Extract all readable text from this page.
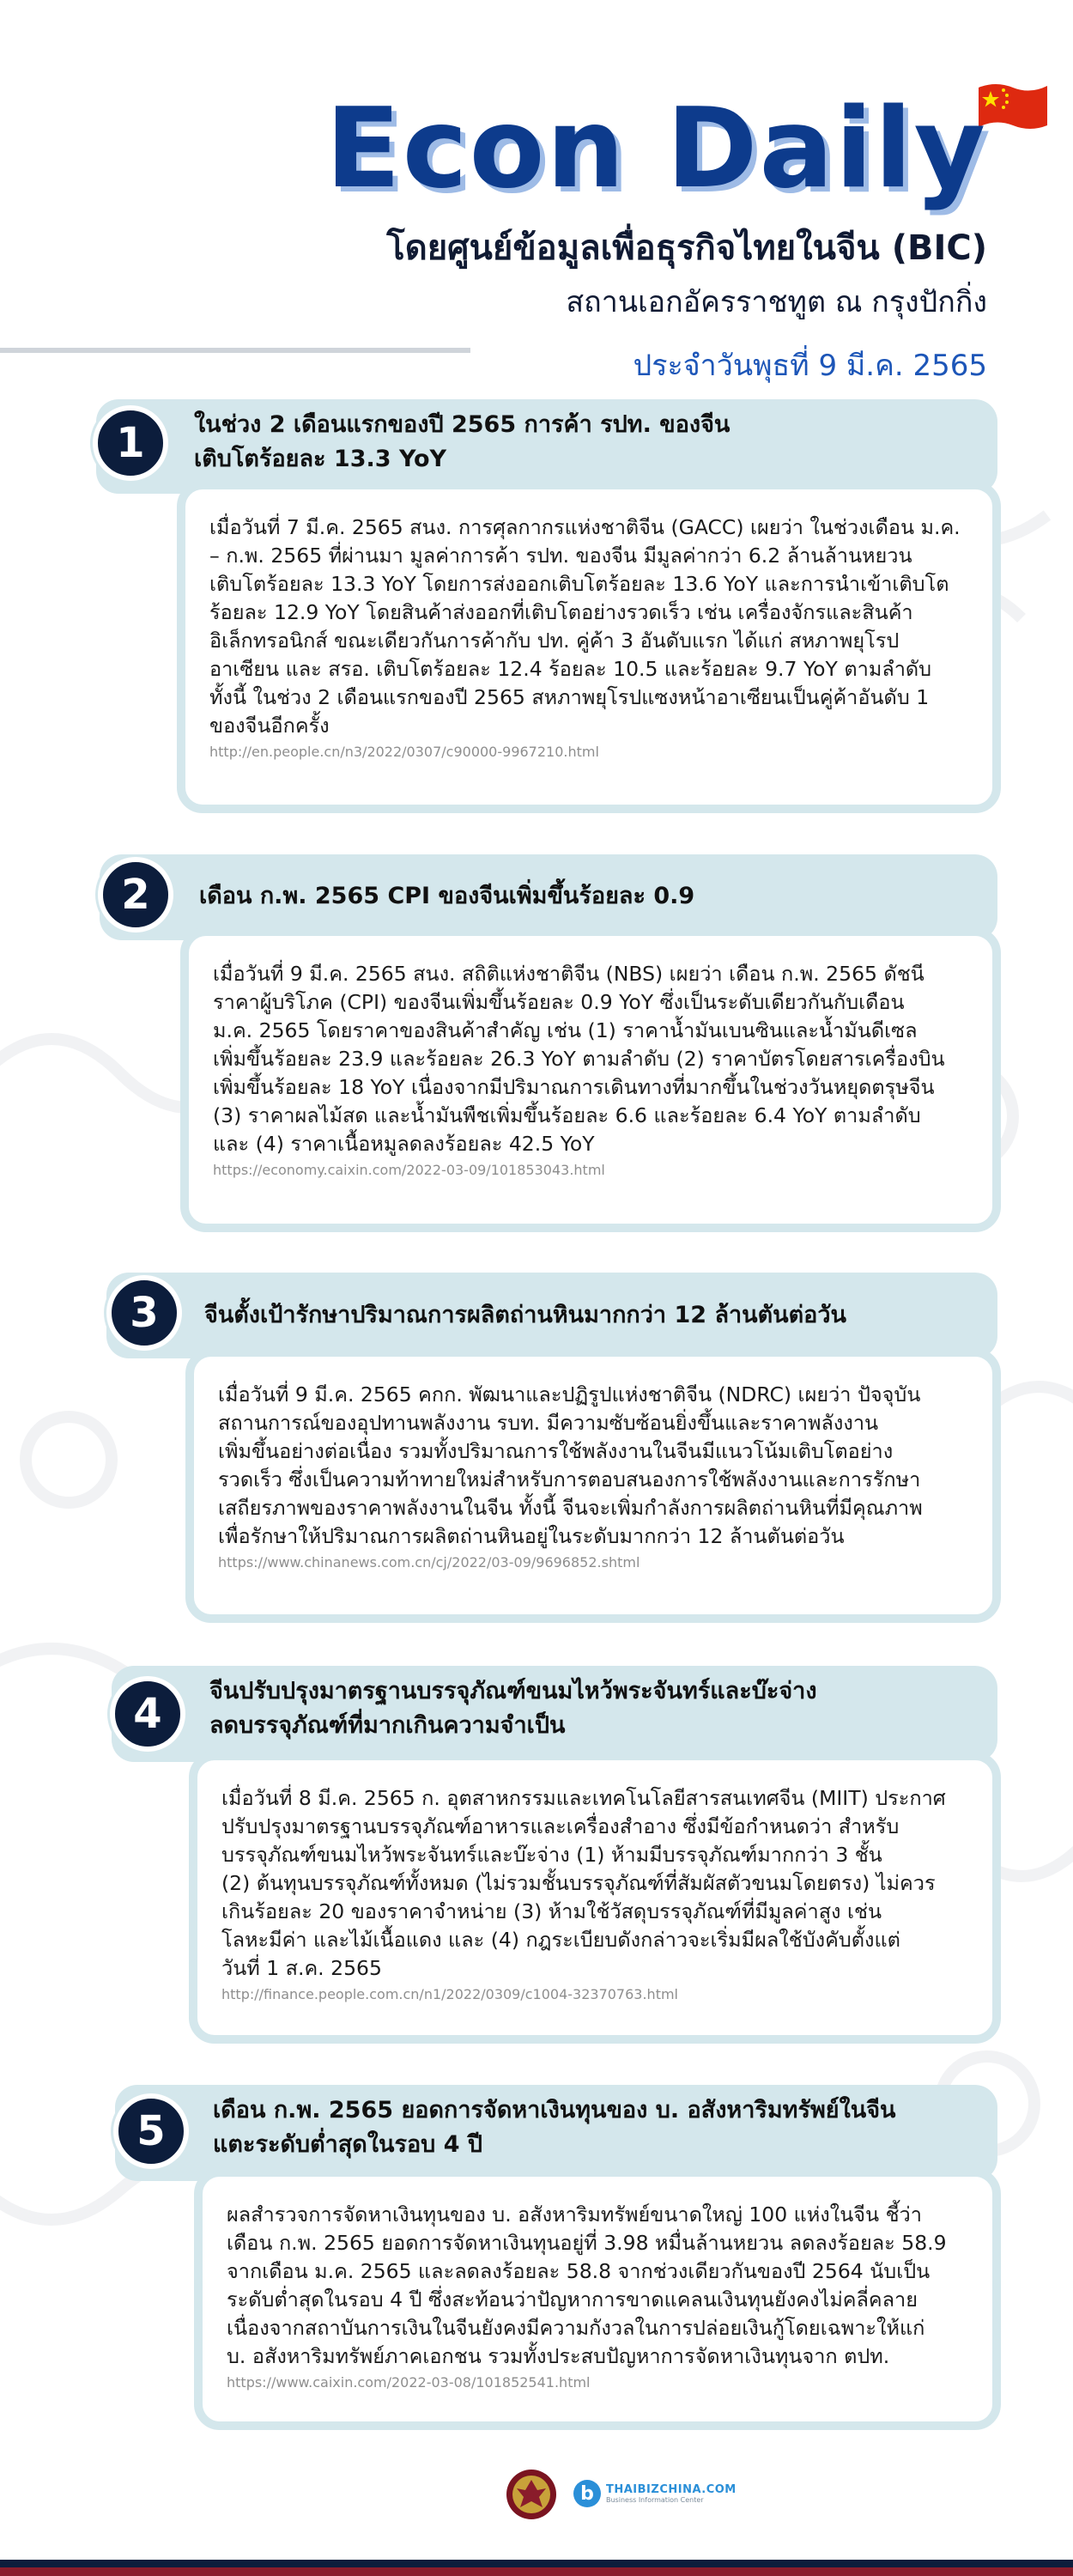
Econ Daily
โดยศูนย์ข้อมูลเพื่อธุรกิจไทยในจีน (BIC)
สถานเอกอัครราชทูต ณ กรุงปักกิ่ง
ประจำวันพุธที่ 9 มี.ค. 2565
1	ในช่วง 2 เดือนแรกของปี 2565 การค้า รปท. ของจีน
เติบโตร้อยละ 13.3 YoY
เมื่อวันที่ 7 มี.ค. 2565 สนง. การศุลกากรแห่งชาติจีน (GACC) เผยว่า ในช่วงเดือน ม.ค.
– ก.พ. 2565 ที่ผ่านมา มูลค่าการค้า รปท. ของจีน มีมูลค่ากว่า 6.2 ล้านล้านหยวน
เติบโตร้อยละ 13.3 YoY โดยการส่งออกเติบโตร้อยละ 13.6 YoY และการนำเข้าเติบโต
ร้อยละ 12.9 YoY โดยสินค้าส่งออกที่เติบโตอย่างรวดเร็ว เช่น เครื่องจักรและสินค้า
อิเล็กทรอนิกส์ ขณะเดียวกันการค้ากับ ปท. คู่ค้า 3 อันดับแรก ได้แก่ สหภาพยุโรป
อาเซียน และ สรอ. เติบโตร้อยละ 12.4 ร้อยละ 10.5 และร้อยละ 9.7 YoY ตามลำดับ
ทั้งนี้ ในช่วง 2 เดือนแรกของปี 2565 สหภาพยุโรปแซงหน้าอาเซียนเป็นคู่ค้าอันดับ 1
ของจีนอีกครั้ง
http://en.people.cn/n3/2022/0307/c90000-9967210.html
2	เดือน ก.พ. 2565 CPI ของจีนเพิ่มขึ้นร้อยละ 0.9
เมื่อวันที่ 9 มี.ค. 2565 สนง. สถิติแห่งชาติจีน (NBS) เผยว่า เดือน ก.พ. 2565 ดัชนี
ราคาผู้บริโภค (CPI) ของจีนเพิ่มขึ้นร้อยละ 0.9 YoY ซึ่งเป็นระดับเดียวกันกับเดือน
ม.ค. 2565 โดยราคาของสินค้าสำคัญ เช่น (1) ราคาน้ำมันเบนซินและน้ำมันดีเซล
เพิ่มขึ้นร้อยละ 23.9 และร้อยละ 26.3 YoY ตามลำดับ (2) ราคาบัตรโดยสารเครื่องบิน
เพิ่มขึ้นร้อยละ 18 YoY เนื่องจากมีปริมาณการเดินทางที่มากขึ้นในช่วงวันหยุดตรุษจีน
(3) ราคาผลไม้สด และน้ำมันพืชเพิ่มขึ้นร้อยละ 6.6 และร้อยละ 6.4 YoY ตามลำดับ
และ (4) ราคาเนื้อหมูลดลงร้อยละ 42.5 YoY
https://economy.caixin.com/2022-03-09/101853043.html
3	จีนตั้งเป้ารักษาปริมาณการผลิตถ่านหินมากกว่า 12 ล้านตันต่อวัน
เมื่อวันที่ 9 มี.ค. 2565 คกก. พัฒนาและปฏิรูปแห่งชาติจีน (NDRC) เผยว่า ปัจจุบัน
สถานการณ์ของอุปทานพลังงาน รบท. มีความซับซ้อนยิ่งขึ้นและราคาพลังงาน
เพิ่มขึ้นอย่างต่อเนื่อง รวมทั้งปริมาณการใช้พลังงานในจีนมีแนวโน้มเติบโตอย่าง
รวดเร็ว ซึ่งเป็นความท้าทายใหม่สำหรับการตอบสนองการใช้พลังงานและการรักษา
เสถียรภาพของราคาพลังงานในจีน ทั้งนี้ จีนจะเพิ่มกำลังการผลิตถ่านหินที่มีคุณภาพ
เพื่อรักษาให้ปริมาณการผลิตถ่านหินอยู่ในระดับมากกว่า 12 ล้านตันต่อวัน
https://www.chinanews.com.cn/cj/2022/03-09/9696852.shtml
4	จีนปรับปรุงมาตรฐานบรรจุภัณฑ์ขนมไหว้พระจันทร์และบ๊ะจ่าง
ลดบรรจุภัณฑ์ที่มากเกินความจำเป็น
เมื่อวันที่ 8 มี.ค. 2565 ก. อุตสาหกรรมและเทคโนโลยีสารสนเทศจีน (MIIT) ประกาศ
ปรับปรุงมาตรฐานบรรจุภัณฑ์อาหารและเครื่องสำอาง ซึ่งมีข้อกำหนดว่า สำหรับ
บรรจุภัณฑ์ขนมไหว้พระจันทร์และบ๊ะจ่าง (1) ห้ามมีบรรจุภัณฑ์มากกว่า 3 ชั้น
(2) ต้นทุนบรรจุภัณฑ์ทั้งหมด (ไม่รวมชั้นบรรจุภัณฑ์ที่สัมผัสตัวขนมโดยตรง) ไม่ควร
เกินร้อยละ 20 ของราคาจำหน่าย (3) ห้ามใช้วัสดุบรรจุภัณฑ์ที่มีมูลค่าสูง เช่น
โลหะมีค่า และไม้เนื้อแดง และ (4) กฎระเบียบดังกล่าวจะเริ่มมีผลใช้บังคับตั้งแต่
วันที่ 1 ส.ค. 2565
http://finance.people.com.cn/n1/2022/0309/c1004-32370763.html
5	เดือน ก.พ. 2565 ยอดการจัดหาเงินทุนของ บ. อสังหาริมทรัพย์ในจีน
แตะระดับต่ำสุดในรอบ 4 ปี
ผลสำรวจการจัดหาเงินทุนของ บ. อสังหาริมทรัพย์ขนาดใหญ่ 100 แห่งในจีน ชี้ว่า
เดือน ก.พ. 2565 ยอดการจัดหาเงินทุนอยู่ที่ 3.98 หมื่นล้านหยวน ลดลงร้อยละ 58.9
จากเดือน ม.ค. 2565 และลดลงร้อยละ 58.8 จากช่วงเดียวกันของปี 2564 นับเป็น
ระดับต่ำสุดในรอบ 4 ปี ซึ่งสะท้อนว่าปัญหาการขาดแคลนเงินทุนยังคงไม่คลี่คลาย
เนื่องจากสถาบันการเงินในจีนยังคงมีความกังวลในการปล่อยเงินกู้โดยเฉพาะให้แก่
บ. อสังหาริมทรัพย์ภาคเอกชน รวมทั้งประสบปัญหาการจัดหาเงินทุนจาก ตปท.
https://www.caixin.com/2022-03-08/101852541.html
b	THAIBIZCHINA.COM
Business Information Center
